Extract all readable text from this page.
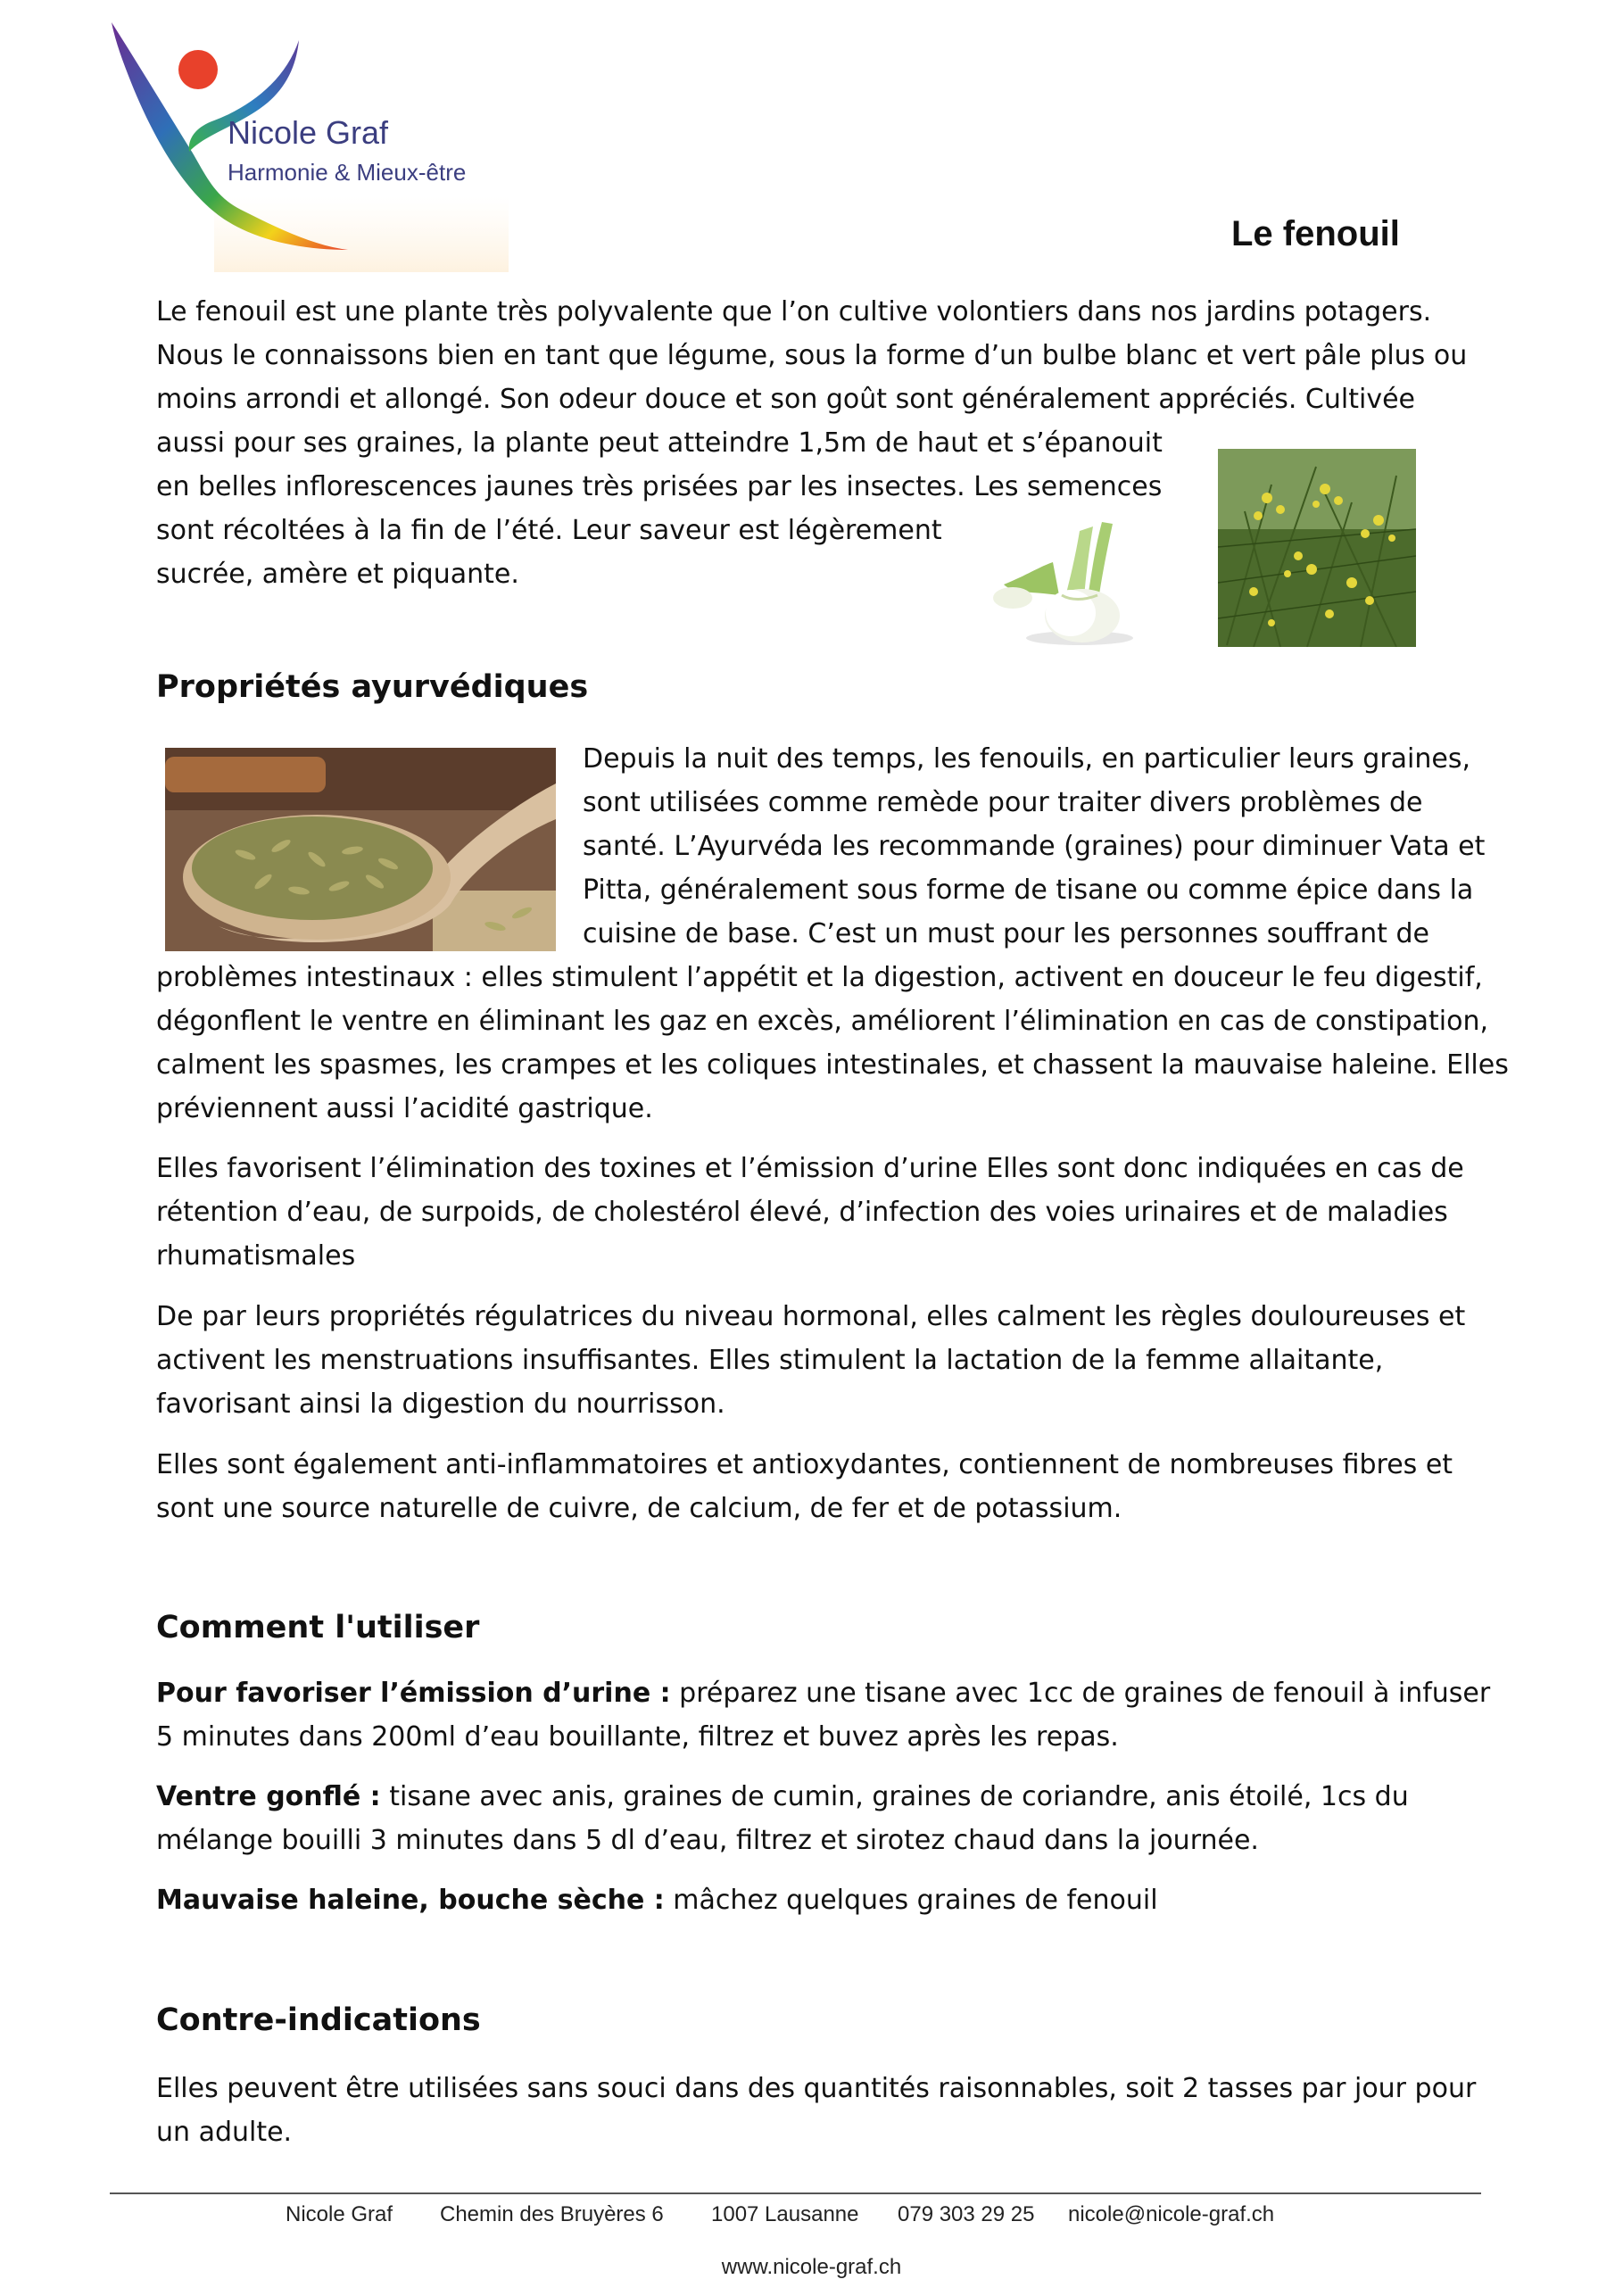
Nicole Graf
Harmonie & Mieux-être
Le fenouil
Le fenouil est une plante très polyvalente que l’on cultive volontiers dans nos jardins potagers.
Nous le connaissons bien en tant que légume, sous la forme d’un bulbe blanc et vert pâle plus ou
moins arrondi et allongé. Son odeur douce et son goût sont généralement appréciés. Cultivée
aussi pour ses graines, la plante peut atteindre 1,5m de haut et s’épanouit
en belles inflorescences jaunes très prisées par les insectes. Les semences
sont récoltées à la fin de l’été. Leur saveur est légèrement
sucrée, amère et piquante.
Propriétés ayurvédiques
Depuis la nuit des temps, les fenouils, en particulier leurs graines,
sont utilisées comme remède pour traiter divers problèmes de
santé. L’Ayurvéda les recommande (graines) pour diminuer Vata et
Pitta, généralement sous forme de tisane ou comme épice dans la
cuisine de base. C’est un must pour les personnes souffrant de
problèmes intestinaux : elles stimulent l’appétit et la digestion, activent en douceur le feu digestif,
dégonflent le ventre en éliminant les gaz en excès, améliorent l’élimination en cas de constipation,
calment les spasmes, les crampes et les coliques intestinales, et chassent la mauvaise haleine. Elles
préviennent aussi l’acidité gastrique.
Elles favorisent l’élimination des toxines et l’émission d’urine Elles sont donc indiquées en cas de rétention d’eau, de surpoids, de cholestérol élevé, d’infection des voies urinaires et de maladies rhumatismales
De par leurs propriétés régulatrices du niveau hormonal, elles calment les règles douloureuses et activent les menstruations insuffisantes. Elles stimulent la lactation de la femme allaitante, favorisant ainsi la digestion du nourrisson.
Elles sont également anti-inflammatoires et antioxydantes, contiennent de nombreuses fibres et sont une source naturelle de cuivre, de calcium, de fer et de potassium.
Comment l'utiliser
Pour favoriser l’émission d’urine : préparez une tisane avec 1cc de graines de fenouil à infuser 5 minutes dans 200ml d’eau bouillante, filtrez et buvez après les repas.
Ventre gonflé : tisane avec anis, graines de cumin, graines de coriandre, anis étoilé, 1cs du mélange bouilli 3 minutes dans 5 dl d’eau, filtrez et sirotez chaud dans la journée.
Mauvaise haleine, bouche sèche : mâchez quelques graines de fenouil
Contre-indications
Elles peuvent être utilisées sans souci dans des quantités raisonnables, soit 2 tasses par jour pour un adulte.
Nicole Graf Chemin des Bruyères 6 1007 Lausanne 079 303 29 25 nicole@nicole-graf.ch
www.nicole-graf.ch
